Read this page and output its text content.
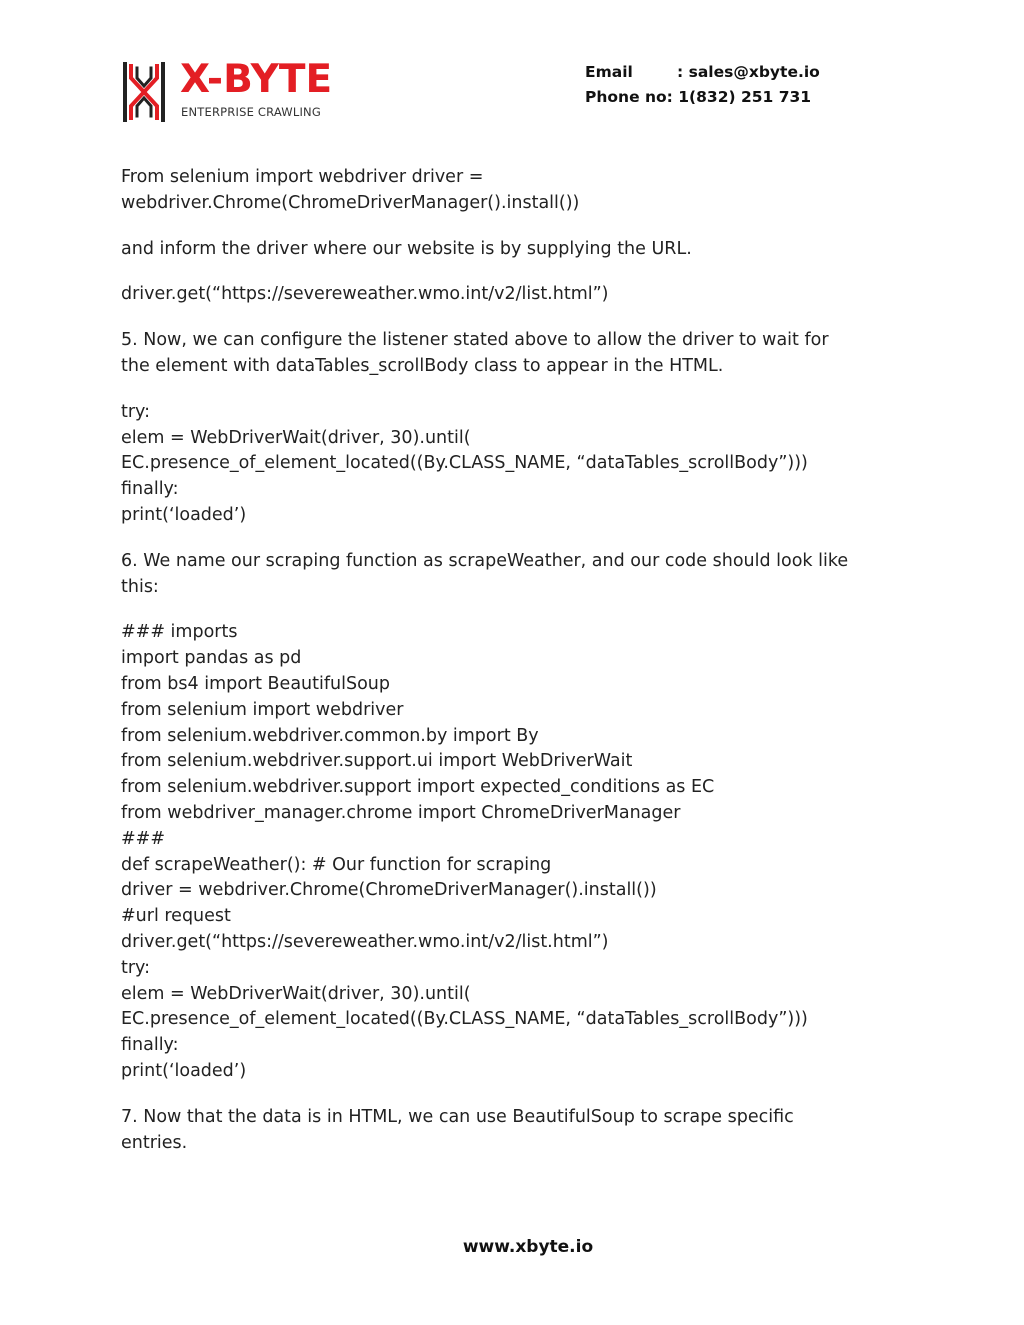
X-BYTE
ENTERPRISE CRAWLING
Email	: sales@xbyte.io
Phone no : 1(832) 251 731
From selenium import webdriver driver =
webdriver.Chrome(ChromeDriverManager().install())
and inform the driver where our website is by supplying the URL.
driver.get(“https://severeweather.wmo.int/v2/list.html”)
5. Now, we can configure the listener stated above to allow the driver to wait for
the element with dataTables_scrollBody class to appear in the HTML.
try:
elem = WebDriverWait(driver, 30).until(
EC.presence_of_element_located((By.CLASS_NAME, “dataTables_scrollBody”)))
finally:
print(‘loaded’)
6. We name our scraping function as scrapeWeather, and our code should look like
this:
### imports
import pandas as pd
from bs4 import BeautifulSoup
from selenium import webdriver
from selenium.webdriver.common.by import By
from selenium.webdriver.support.ui import WebDriverWait
from selenium.webdriver.support import expected_conditions as EC
from webdriver_manager.chrome import ChromeDriverManager
###
def scrapeWeather(): # Our function for scraping
driver = webdriver.Chrome(ChromeDriverManager().install())
#url request
driver.get(“https://severeweather.wmo.int/v2/list.html”)
try:
elem = WebDriverWait(driver, 30).until(
EC.presence_of_element_located((By.CLASS_NAME, “dataTables_scrollBody”)))
finally:
print(‘loaded’)
7. Now that the data is in HTML, we can use BeautifulSoup to scrape specific
entries.
www.xbyte.io
